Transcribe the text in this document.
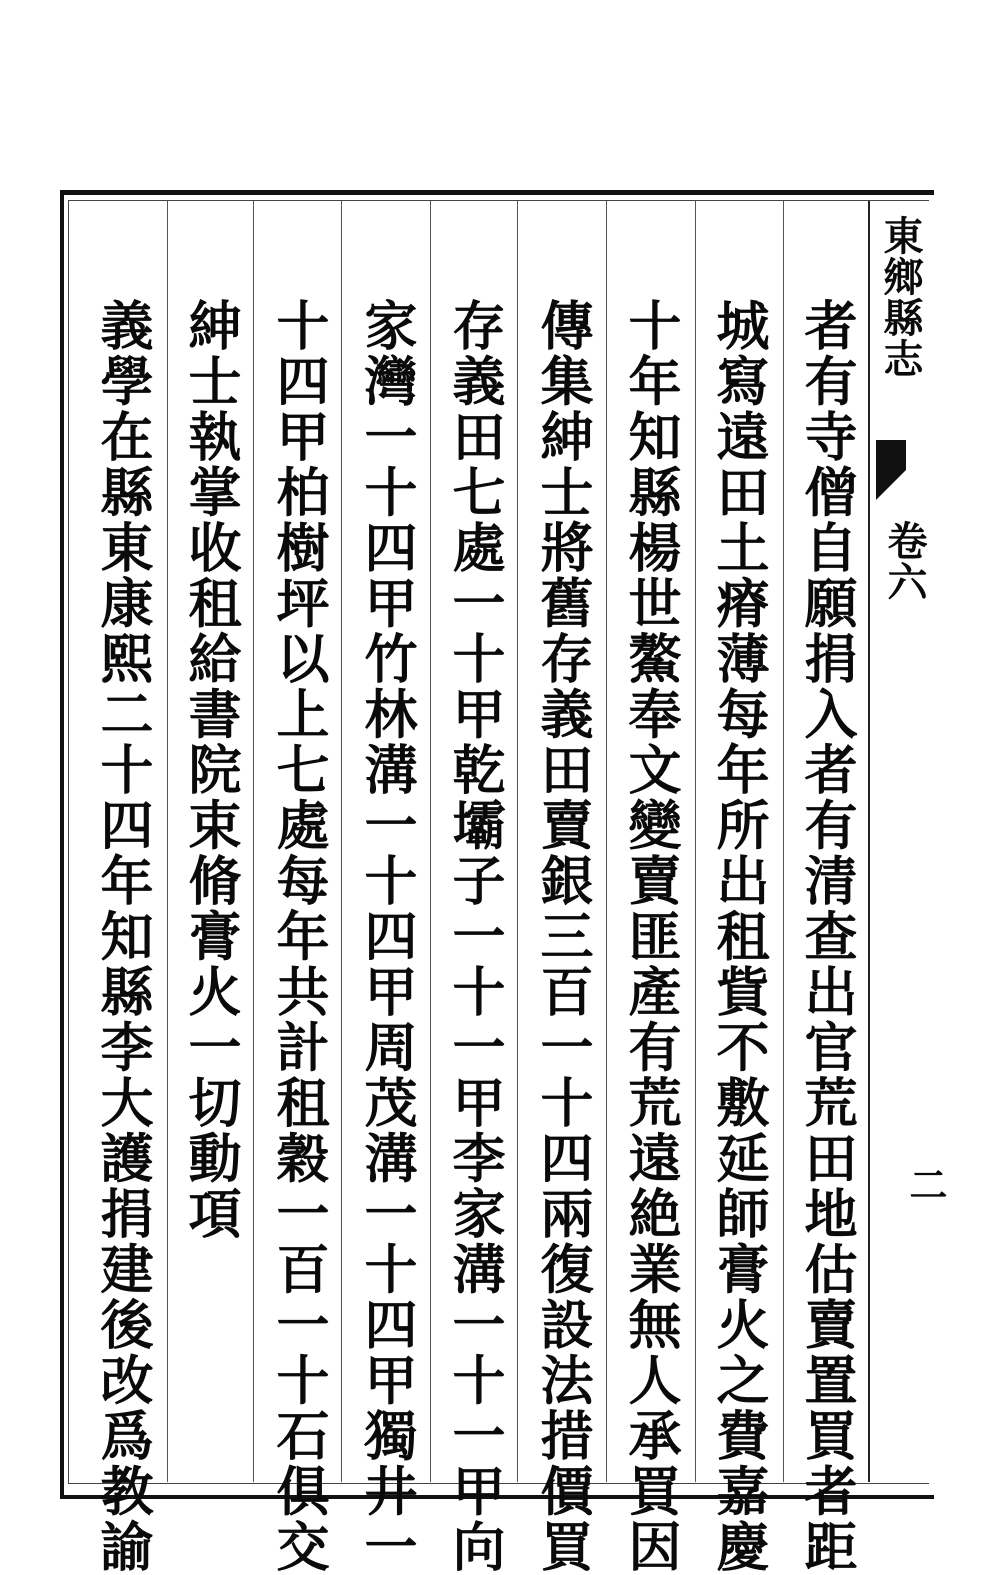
東鄉縣志
卷六
二
者有寺僧自願捐入者有清查出官荒田地估賣置買者距
城寫遠田土瘠薄每年所出租貲不敷延師膏火之費嘉慶
十年知縣楊世鰲奉文變賣匪產有荒遠絶業無人承買因
傳集紳士將舊存義田賣銀三百一十四兩復設法措價買
存義田七處一十甲乾壩子一十一甲李家溝一十一甲向
家灣一十四甲竹林溝一十四甲周茂溝一十四甲獨井一
十四甲柏樹坪以上七處每年共計租穀一百一十石俱交
紳士執掌收租給書院束脩膏火一切動項
義學在縣東康熙二十四年知縣李大護捐建後改爲教諭
